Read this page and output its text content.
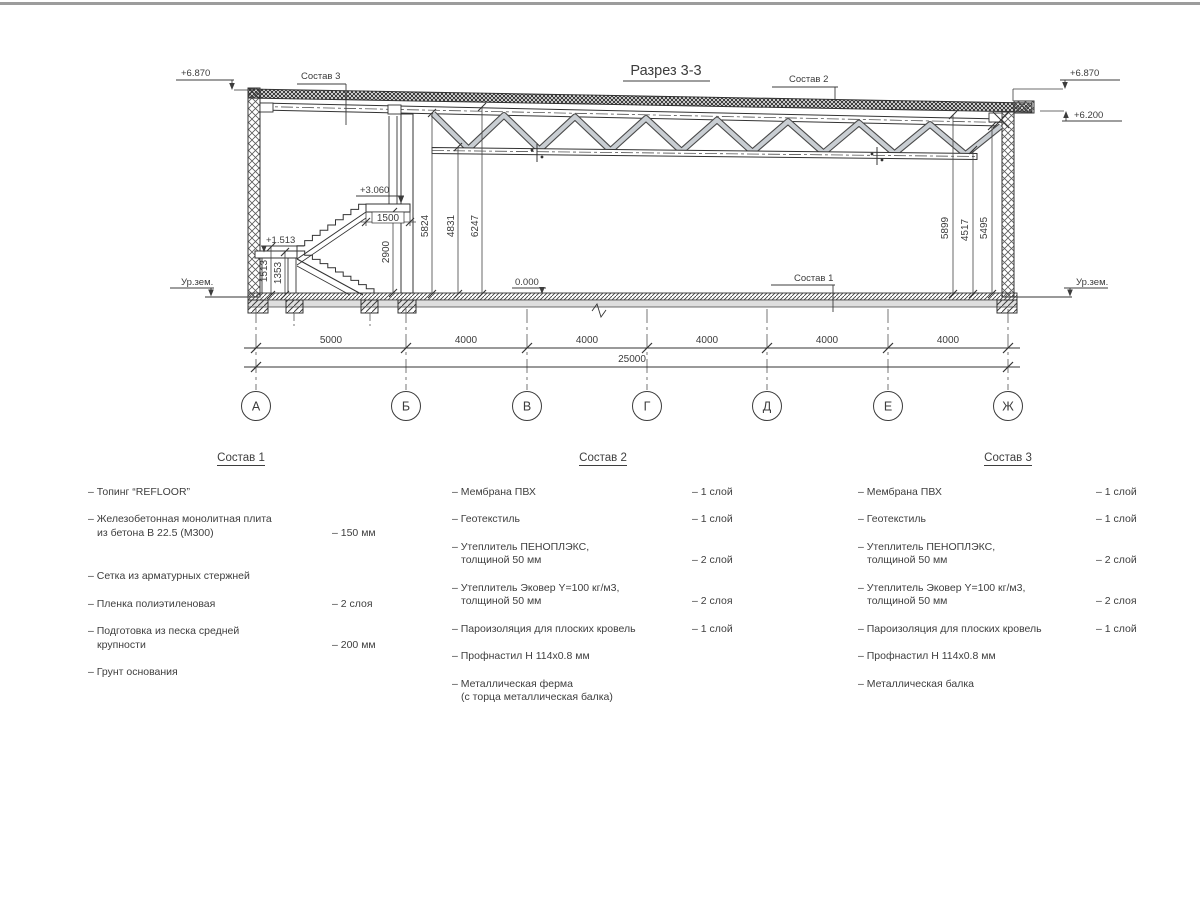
Разрез 3-3
5000	4000	4000	4000	4000	4000
25000
А	Б	В	Г	Д	Е	Ж
5824 4831 6247	5899 4517 5495
1513 1353
2900
1500
+6.870	+6.870
+6.200
0.000
+3.060
+1.513
Ур.зем.	Ур.зем.
Состав 3	Состав 2
Состав 1
Состав 1
– Топинг “REFLOOR”
– Железобетонная монолитная плита
из бетона В 22.5 (М300)	– 150 мм
– Сетка из арматурных стержней
– Пленка полиэтиленовая	– 2 слоя
– Подготовка из песка средней
крупности	– 200 мм
– Грунт основания
Состав 2
– Мембрана ПВХ	– 1 слой
– Геотекстиль	– 1 слой
– Утеплитель ПЕНОПЛЭКС,
толщиной 50 мм	– 2 слой
– Утеплитель Эковер Y=100 кг/м3,
толщиной 50 мм	– 2 слоя
– Пароизоляция для плоских кровель	– 1 слой
– Профнастил Н 114х0.8 мм
– Металлическая ферма
(с торца металлическая балка)
Состав 3
– Мембрана ПВХ	– 1 слой
– Геотекстиль	– 1 слой
– Утеплитель ПЕНОПЛЭКС,
толщиной 50 мм	– 2 слой
– Утеплитель Эковер Y=100 кг/м3,
толщиной 50 мм	– 2 слоя
– Пароизоляция для плоских кровель	– 1 слой
– Профнастил Н 114х0.8 мм
– Металлическая балка
